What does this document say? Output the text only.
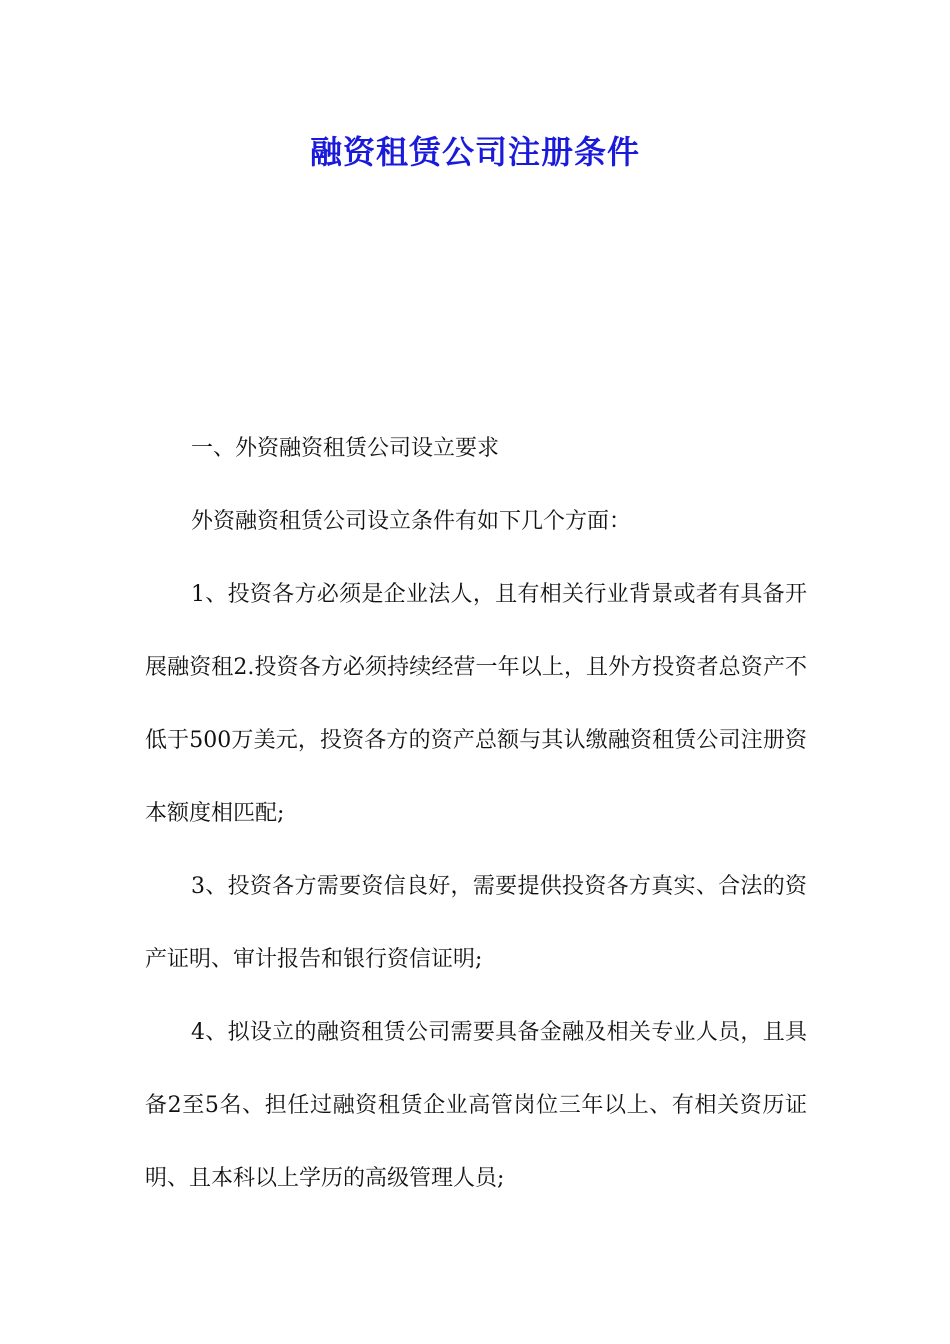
融资租赁公司注册条件

一、外资融资租赁公司设立要求

外资融资租赁公司设立条件有如下几个方面：

1、投资各方必须是企业法人，且有相关行业背景或者有具备开展融资租2.投资各方必须持续经营一年以上，且外方投资者总资产不低于500万美元，投资各方的资产总额与其认缴融资租赁公司注册资本额度相匹配;

3、投资各方需要资信良好，需要提供投资各方真实、合法的资产证明、审计报告和银行资信证明;

4、拟设立的融资租赁公司需要具备金融及相关专业人员，且具备2至5名、担任过融资租赁企业高管岗位三年以上、有相关资历证明、且本科以上学历的高级管理人员;
